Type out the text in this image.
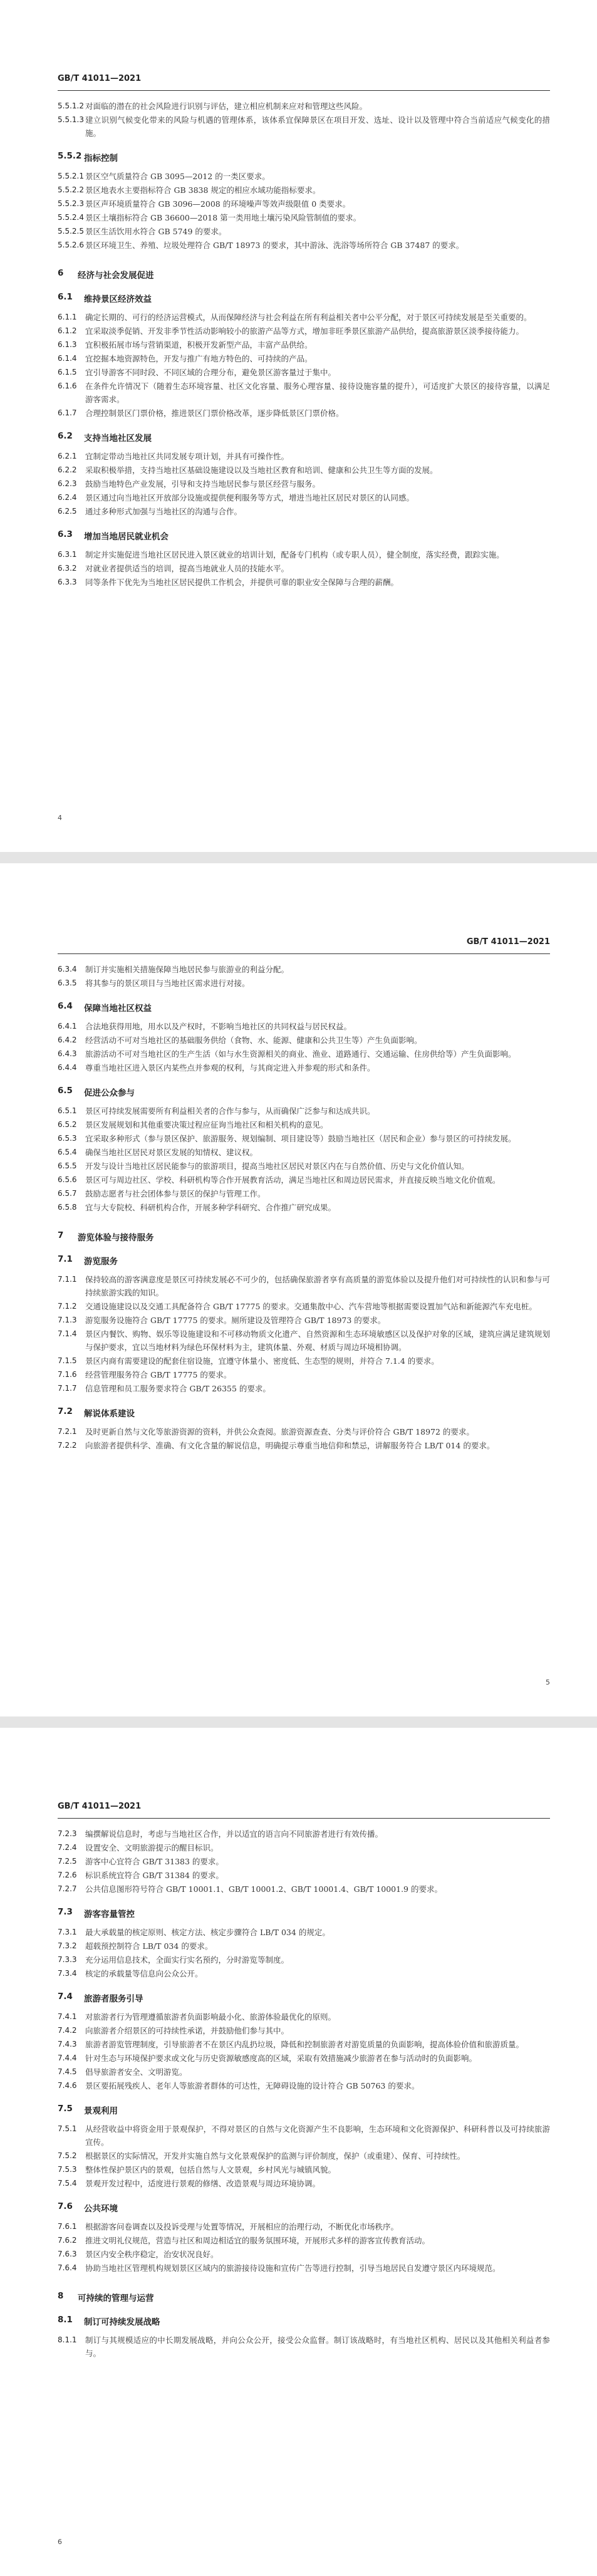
GB/T 41011—2021
5.5.1.2 对面临的潜在的社会风险进行识别与评估，建立相应机制来应对和管理这些风险。
5.5.1.3 建立识别气候变化带来的风险与机遇的管理体系，该体系宜保障景区在项目开发、选址、设计以及管理中符合当前适应气候变化的措施。
5.5.2 指标控制
5.5.2.1 景区空气质量符合 GB 3095—2012 的一类区要求。
5.5.2.2 景区地表水主要指标符合 GB 3838 规定的相应水域功能指标要求。
5.5.2.3 景区声环境质量符合 GB 3096—2008 的环境噪声等效声级限值 0 类要求。
5.5.2.4 景区土壤指标符合 GB 36600—2018 第一类用地土壤污染风险管制值的要求。
5.5.2.5 景区生活饮用水符合 GB 5749 的要求。
5.5.2.6 景区环境卫生、养殖、垃圾处理符合 GB/T 18973 的要求，其中游泳、洗浴等场所符合 GB 37487 的要求。
6	经济与社会发展促进
6.1	维持景区经济效益
6.1.1	确定长期的、可行的经济运营模式，从而保障经济与社会利益在所有利益相关者中公平分配，对于景区可持续发展是至关重要的。
6.1.2	宜采取淡季促销、开发非季节性活动影响较小的旅游产品等方式，增加非旺季景区旅游产品供给，提高旅游景区淡季接待能力。
6.1.3	宜积极拓展市场与营销渠道，积极开发新型产品，丰富产品供给。
6.1.4	宜挖掘本地资源特色，开发与推广有地方特色的、可持续的产品。
6.1.5	宜引导游客不同时段、不同区域的合理分布，避免景区游客量过于集中。
6.1.6	在条件允许情况下（随着生态环境容量、社区文化容量、服务心理容量、接待设施容量的提升），可适度扩大景区的接待容量，以满足游客需求。
6.1.7	合理控制景区门票价格，推进景区门票价格改革，逐步降低景区门票价格。
6.2	支持当地社区发展
6.2.1	宜制定带动当地社区共同发展专项计划，并具有可操作性。
6.2.2	采取积极举措，支持当地社区基础设施建设以及当地社区教育和培训、健康和公共卫生等方面的发展。
6.2.3	鼓励当地特色产业发展，引导和支持当地居民参与景区经营与服务。
6.2.4	景区通过向当地社区开放部分设施或提供便利服务等方式，增进当地社区居民对景区的认同感。
6.2.5	通过多种形式加强与当地社区的沟通与合作。
6.3	增加当地居民就业机会
6.3.1	制定并实施促进当地社区居民进入景区就业的培训计划，配备专门机构（或专职人员），健全制度，落实经费，跟踪实施。
6.3.2	对就业者提供适当的培训，提高当地就业人员的技能水平。
6.3.3	同等条件下优先为当地社区居民提供工作机会，并提供可靠的职业安全保障与合理的薪酬。
4
GB/T 41011—2021
6.3.4	制订并实施相关措施保障当地居民参与旅游业的利益分配。
6.3.5	将其参与的景区项目与当地社区需求进行对接。
6.4	保障当地社区权益
6.4.1	合法地获得用地，用水以及产权时，不影响当地社区的共同权益与居民权益。
6.4.2	经营活动不可对当地社区的基础服务供给（食物、水、能源、健康和公共卫生等）产生负面影响。
6.4.3	旅游活动不可对当地社区的生产生活（如与水生资源相关的商业、渔业、道路通行、交通运输、住房供给等）产生负面影响。
6.4.4	尊重当地社区进入景区内某些点并参观的权利，与其商定进入并参观的形式和条件。
6.5	促进公众参与
6.5.1	景区可持续发展需要所有利益相关者的合作与参与，从而确保广泛参与和达成共识。
6.5.2	景区发展规划和其他重要决策过程应征询当地社区和相关机构的意见。
6.5.3	宜采取多种形式（参与景区保护、旅游服务、规划编制、项目建设等）鼓励当地社区（居民和企业）参与景区的可持续发展。
6.5.4	确保当地社区居民对景区发展的知情权、建议权。
6.5.5	开发与设计当地社区居民能参与的旅游项目，提高当地社区居民对景区内在与自然价值、历史与文化价值认知。
6.5.6	景区可与周边社区、学校、科研机构等合作开展教育活动，满足当地社区和周边居民需求，并直接反映当地文化价值观。
6.5.7	鼓励志愿者与社会团体参与景区的保护与管理工作。
6.5.8	宜与大专院校、科研机构合作，开展多种学科研究、合作推广研究成果。
7	游览体验与接待服务
7.1	游览服务
7.1.1	保持较高的游客满意度是景区可持续发展必不可少的，包括确保旅游者享有高质量的游览体验以及提升他们对可持续性的认识和参与可持续旅游实践的知识。
7.1.2	交通设施建设以及交通工具配备符合 GB/T 17775 的要求。交通集散中心、汽车营地等根据需要设置加气站和新能源汽车充电桩。
7.1.3	游览服务设施符合 GB/T 17775 的要求。厕所建设及管理符合 GB/T 18973 的要求。
7.1.4	景区内餐饮、购物、娱乐等设施建设和不可移动物质文化遗产、自然资源和生态环境敏感区以及保护对象的区域，建筑应满足建筑规划与保护要求，宜以当地材料为绿色环保材料为主，建筑体量、外观、材质与周边环境相协调。
7.1.5	景区内商有需要建设的配套住宿设施，宜遵守体量小、密度低、生态型的规则，并符合 7.1.4 的要求。
7.1.6	经营管理服务符合 GB/T 17775 的要求。
7.1.7	信息管理和员工服务要求符合 GB/T 26355 的要求。
7.2	解说体系建设
7.2.1	及时更新自然与文化等旅游资源的资料，并供公众查阅。旅游资源查查、分类与评价符合 GB/T 18972 的要求。
7.2.2	向旅游者提供科学、准确、有文化含量的解说信息，明确提示尊重当地信仰和禁忌，讲解服务符合 LB/T 014 的要求。
5
GB/T 41011—2021
7.2.3	编撰解说信息时，考虑与当地社区合作，并以适宜的语言向不同旅游者进行有效传播。
7.2.4	设置安全、文明旅游提示的醒目标识。
7.2.5	游客中心宜符合 GB/T 31383 的要求。
7.2.6	标识系统宜符合 GB/T 31384 的要求。
7.2.7	公共信息图形符号符合 GB/T 10001.1、GB/T 10001.2、GB/T 10001.4、GB/T 10001.9 的要求。
7.3	游客容量管控
7.3.1	最大承载量的核定原则、核定方法、核定步骤符合 LB/T 034 的规定。
7.3.2	超载预控制符合 LB/T 034 的要求。
7.3.3	充分运用信息技术，全面实行实名预约，分时游览等制度。
7.3.4	核定的承载量等信息向公众公开。
7.4	旅游者服务引导
7.4.1	对旅游者行为管理遵循旅游者负面影响最小化、旅游体验最优化的原则。
7.4.2	向旅游者介绍景区的可持续性承诺，并鼓励他们参与其中。
7.4.3	旅游者游览管理制度，引导旅游者不在景区内乱扔垃圾，降低和控制旅游者对游览质量的负面影响，提高体验价值和旅游质量。
7.4.4	针对生态与环境保护要求或文化与历史资源敏感度高的区域，采取有效措施减少旅游者在参与活动时的负面影响。
7.4.5	倡导旅游者安全、文明游览。
7.4.6	景区要拓展残疾人、老年人等旅游者群体的可达性，无障碍设施的设计符合 GB 50763 的要求。
7.5	景观利用
7.5.1	从经营收益中将资金用于景观保护，不得对景区的自然与文化资源产生不良影响，生态环境和文化资源保护、科研科普以及可持续旅游宣传。
7.5.2	根据景区的实际情况，开发并实施自然与文化景观保护的监测与评价制度，保护（或重建）、保育、可持续性。
7.5.3	整体性保护景区内的景观，包括自然与人文景观，乡村风光与城镇风貌。
7.5.4	景观开发过程中，适度进行景观的修缮、改造景观与周边环境协调。
7.6	公共环境
7.6.1	根据游客问卷调查以及投诉受理与处置等情况，开展相应的治理行动，不断优化市场秩序。
7.6.2	推进文明礼仪规范，营造与社区和周边相适宜的服务氛围环境，开展形式多样的游客宣传教育活动。
7.6.3	景区内安全秩序稳定，治安状况良好。
7.6.4	协助当地社区管理机构规划景区区域内的旅游接待设施和宣传广告等进行控制，引导当地居民自发遵守景区内环境规范。
8	可持续的管理与运营
8.1	制订可持续发展战略
8.1.1	制订与其规模适应的中长期发展战略，并向公众公开，接受公众监督。制订该战略时，有当地社区机构、居民以及其他相关利益者参与。
6
